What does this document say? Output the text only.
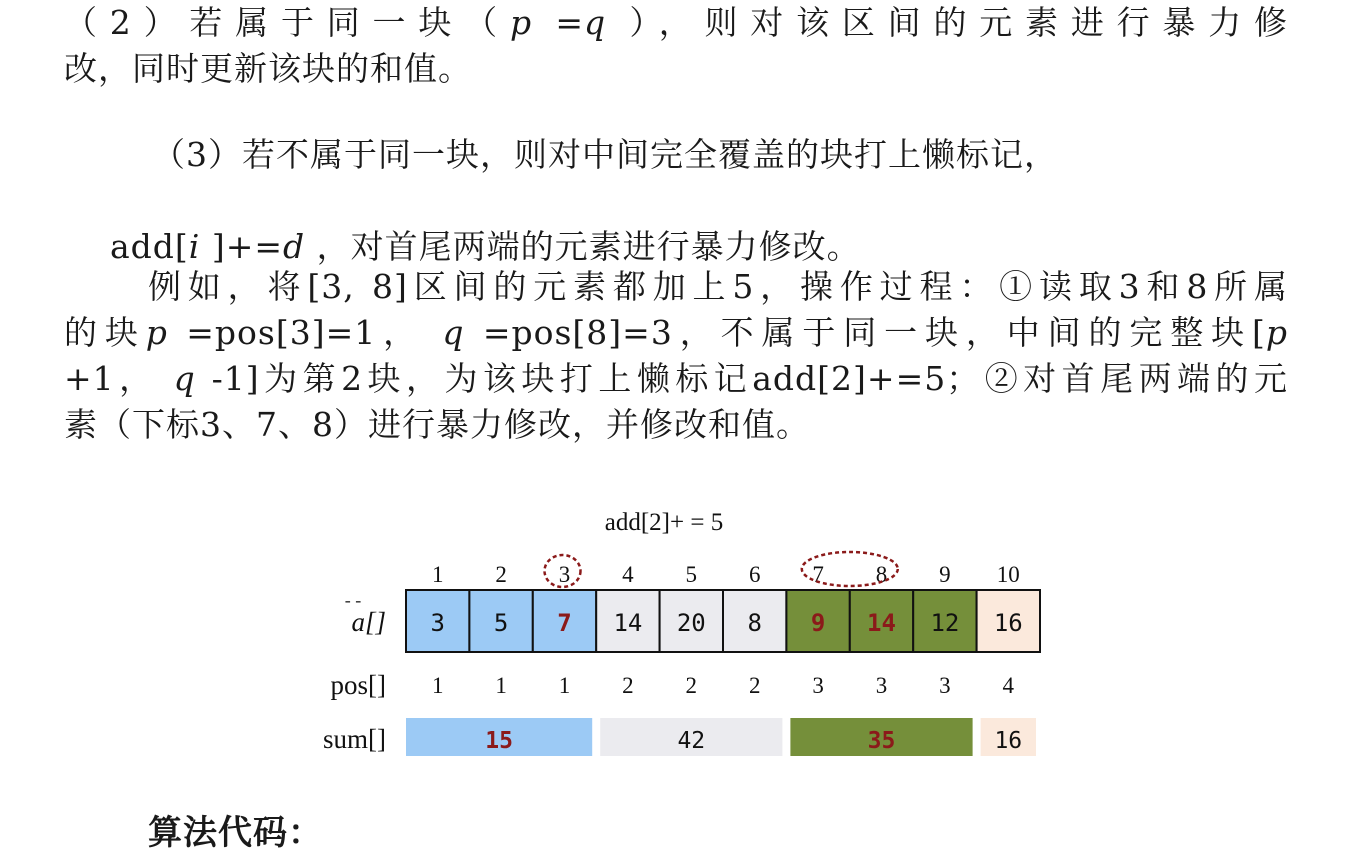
（2）若属于同一块（p =q ），则对该区间的元素进行暴力修
改，同时更新该块的和值。
（3）若不属于同一块，则对中间完全覆盖的块打上懒标记，

add[i ]+=d ，对首尾两端的元素进行暴力修改。

例如，将[3, 8]区间的元素都加上5，操作过程：①读取3和8所属
的块p =pos[3]=1， q =pos[8]=3，不属于同一块，中间的完整块[p
+1， q -1]为第2块，为该块打上懒标记add[2]+=5；②对首尾两端的元
素（下标3、7、8）进行暴力修改，并修改和值。
add[2]+ = 5
1 2 3 4 5 6 7 8 9 10
- -
a[] 3 5 7 14 20 8 9 14 12 16
pos[] 1 1 1 2 2 2 3 3 3 4
sum[]	15	42	35	16
算法代码：
